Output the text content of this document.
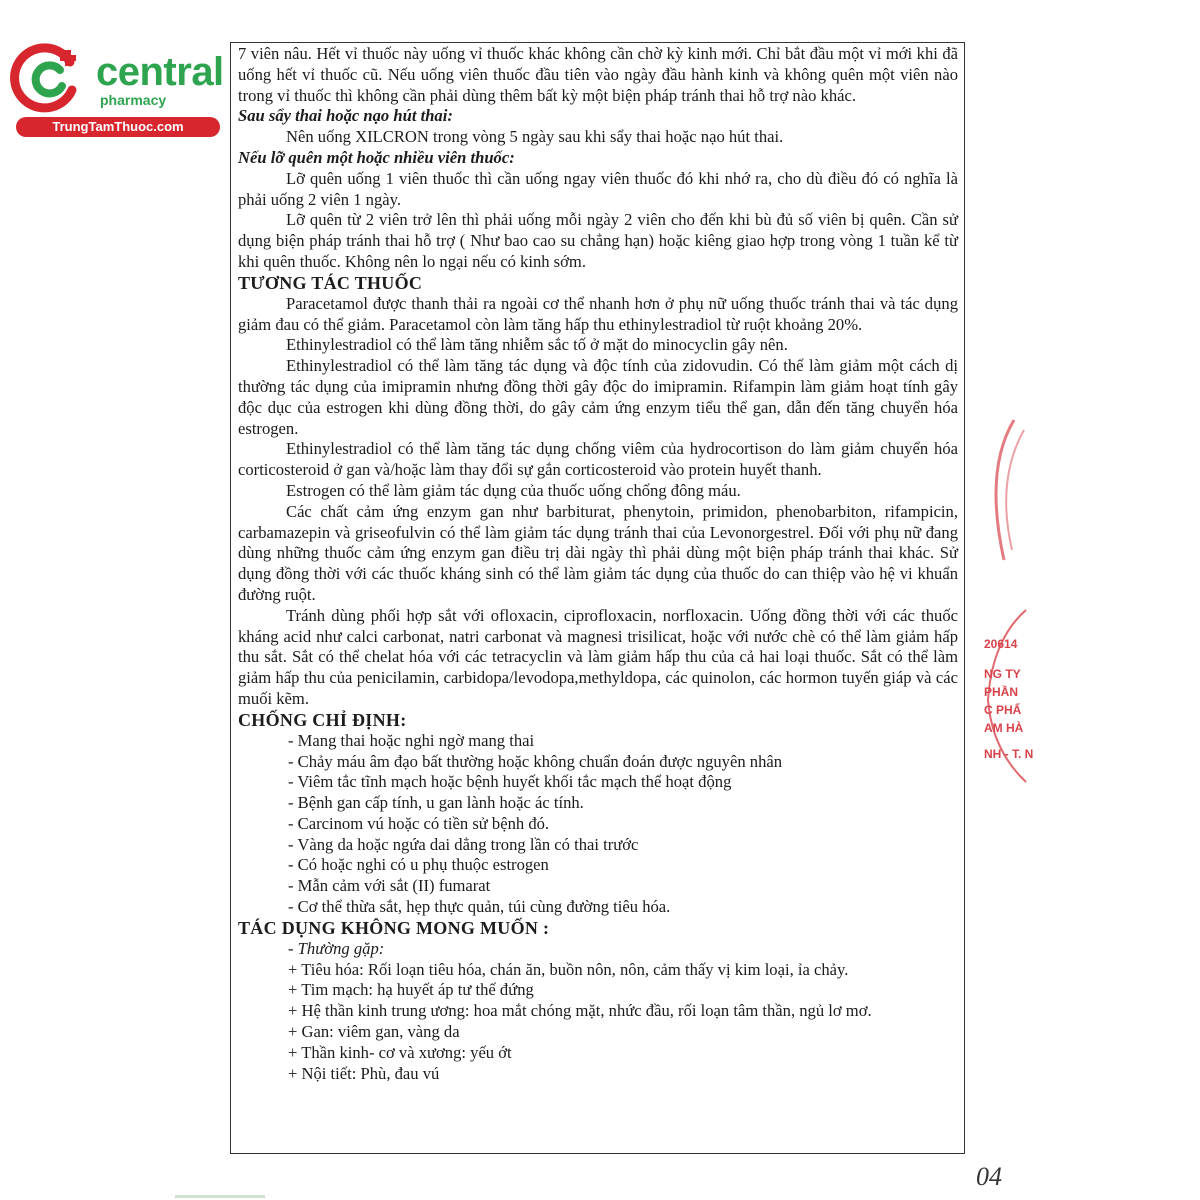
central
pharmacy
TrungTamThuoc.com

7 viên nâu. Hết vỉ thuốc này uống vỉ thuốc khác không cần chờ kỳ kinh mới. Chỉ bắt đầu một vỉ mới khi đã uống hết vỉ thuốc cũ. Nếu uống viên thuốc đầu tiên vào ngày đầu hành kinh và không quên một viên nào trong vỉ thuốc thì không cần phải dùng thêm bất kỳ một biện pháp tránh thai hỗ trợ nào khác.

Sau sẩy thai hoặc nạo hút thai:

Nên uống XILCRON trong vòng 5 ngày sau khi sẩy thai hoặc nạo hút thai.

Nếu lỡ quên một hoặc nhiều viên thuốc:

Lỡ quên uống 1 viên thuốc thì cần uống ngay viên thuốc đó khi nhớ ra, cho dù điều đó có nghĩa là phải uống 2 viên 1 ngày.

Lỡ quên từ 2 viên trở lên thì phải uống mỗi ngày 2 viên cho đến khi bù đủ số viên bị quên. Cần sử dụng biện pháp tránh thai hỗ trợ ( Như bao cao su chẳng hạn) hoặc kiêng giao hợp trong vòng 1 tuần kể từ khi quên thuốc. Không nên lo ngại nếu có kinh sớm.

TƯƠNG TÁC THUỐC

Paracetamol được thanh thải ra ngoài cơ thể nhanh hơn ở phụ nữ uống thuốc tránh thai và tác dụng giảm đau có thể giảm. Paracetamol còn làm tăng hấp thu ethinylestradiol từ ruột khoảng 20%.

Ethinylestradiol có thể làm tăng nhiễm sắc tố ở mặt do minocyclin gây nên.

Ethinylestradiol có thể làm tăng tác dụng và độc tính của zidovudin. Có thể làm giảm một cách dị thường tác dụng của imipramin nhưng đồng thời gây độc do imipramin. Rifampin làm giảm hoạt tính gây độc dục của estrogen khi dùng đồng thời, do gây cảm ứng enzym tiểu thể gan, dẫn đến tăng chuyển hóa estrogen.

Ethinylestradiol có thể làm tăng tác dụng chống viêm của hydrocortison do làm giảm chuyển hóa corticosteroid ở gan và/hoặc làm thay đổi sự gắn corticosteroid vào protein huyết thanh.

Estrogen có thể làm giảm tác dụng của thuốc uống chống đông máu.

Các chất cảm ứng enzym gan như barbiturat, phenytoin, primidon, phenobarbiton, rifampicin, carbamazepin và griseofulvin có thể làm giảm tác dụng tránh thai của Levonorgestrel. Đối với phụ nữ đang dùng những thuốc cảm ứng enzym gan điều trị dài ngày thì phải dùng một biện pháp tránh thai khác. Sử dụng đồng thời với các thuốc kháng sinh có thể làm giảm tác dụng của thuốc do can thiệp vào hệ vi khuẩn đường ruột.

Tránh dùng phối hợp sắt với ofloxacin, ciprofloxacin, norfloxacin. Uống đồng thời với các thuốc kháng acid như calci carbonat, natri carbonat và magnesi trisilicat, hoặc với nước chè có thể làm giảm hấp thu sắt. Sắt có thể chelat hóa với các tetracyclin và làm giảm hấp thu của cả hai loại thuốc. Sắt có thể làm giảm hấp thu của penicilamin, carbidopa/levodopa,methyldopa, các quinolon, các hormon tuyến giáp và các muối kẽm.

CHỐNG CHỈ ĐỊNH:

- Mang thai hoặc nghi ngờ mang thai

- Chảy máu âm đạo bất thường hoặc không chuẩn đoán được nguyên nhân

- Viêm tắc tĩnh mạch hoặc bệnh huyết khối tắc mạch thể hoạt động

- Bệnh gan cấp tính, u gan lành hoặc ác tính.

- Carcinom vú hoặc có tiền sử bệnh đó.

- Vàng da hoặc ngứa dai dẳng trong lần có thai trước

- Có hoặc nghi có u phụ thuộc estrogen

- Mẫn cảm với sắt (II) fumarat

- Cơ thể thừa sắt, hẹp thực quản, túi cùng đường tiêu hóa.

TÁC DỤNG KHÔNG MONG MUỐN :

- Thường gặp:

+ Tiêu hóa: Rối loạn tiêu hóa, chán ăn, buồn nôn, nôn, cảm thấy vị kim loại, ỉa chảy.

+ Tim mạch: hạ huyết áp tư thế đứng

+ Hệ thần kinh trung ương: hoa mắt chóng mặt, nhức đầu, rối loạn tâm thần, ngủ lơ mơ.

+ Gan: viêm gan, vàng da

+ Thần kinh- cơ và xương: yếu ớt

+ Nội tiết: Phù, đau vú

20614
NG TY
PHẦN
C PHẨ
AM HÀ
NH - T. N
04
